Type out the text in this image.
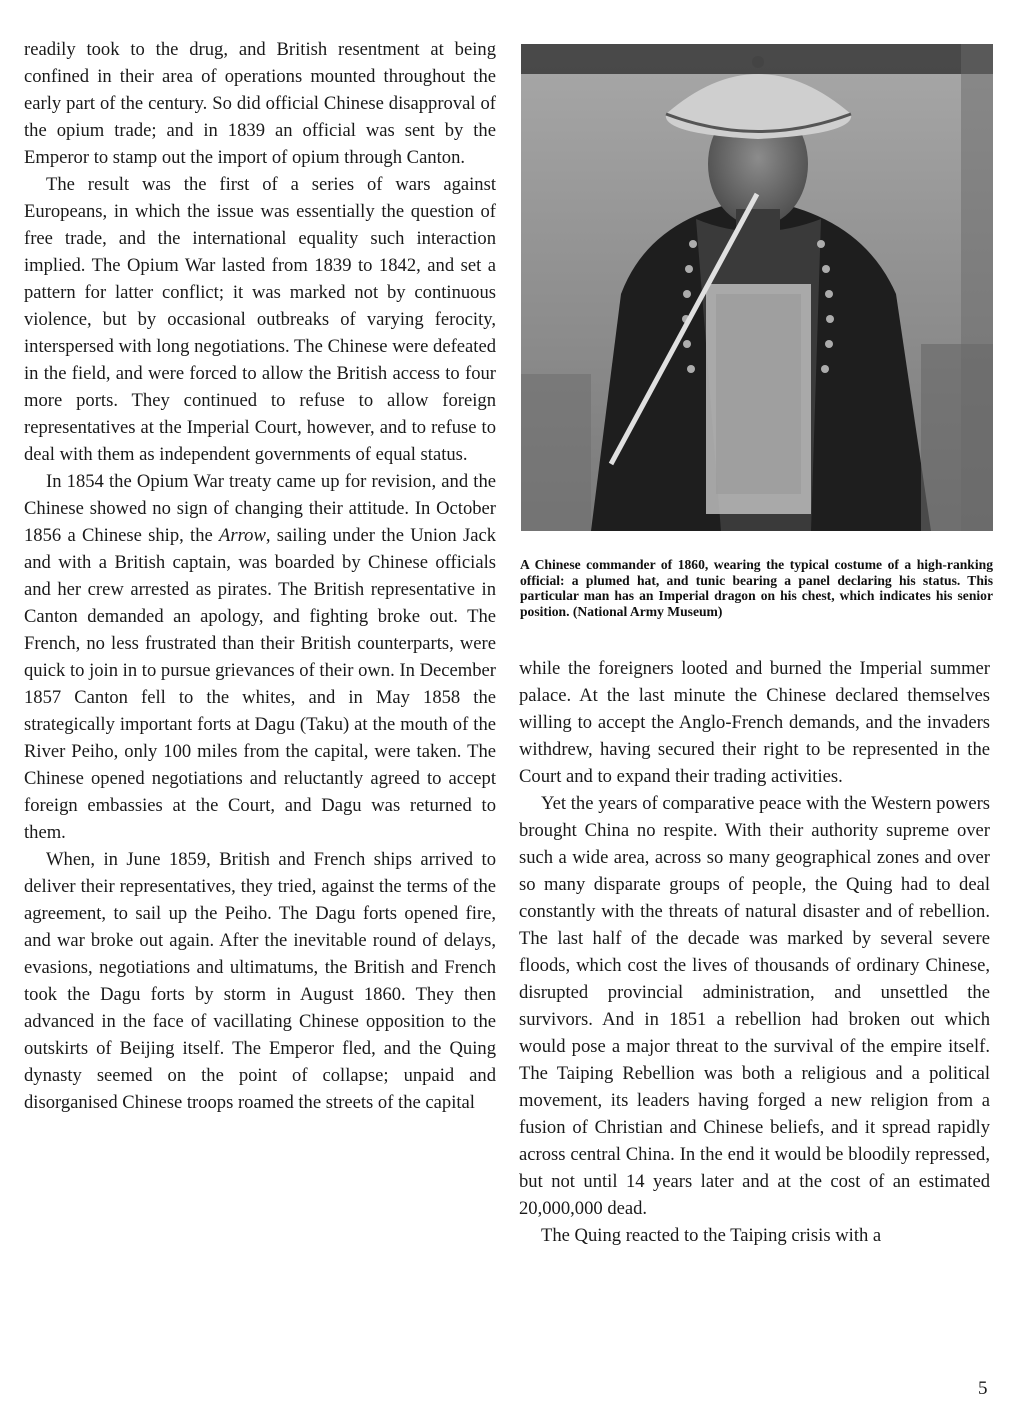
readily took to the drug, and British resentment at being confined in their area of operations mounted throughout the early part of the century. So did official Chinese disapproval of the opium trade; and in 1839 an official was sent by the Emperor to stamp out the import of opium through Canton.

The result was the first of a series of wars against Europeans, in which the issue was essentially the question of free trade, and the international equality such interaction implied. The Opium War lasted from 1839 to 1842, and set a pattern for latter conflict; it was marked not by continuous violence, but by occasional outbreaks of varying ferocity, interspersed with long negotiations. The Chinese were defeated in the field, and were forced to allow the British access to four more ports. They continued to refuse to allow foreign representatives at the Imperial Court, however, and to refuse to deal with them as independent governments of equal status.

In 1854 the Opium War treaty came up for revision, and the Chinese showed no sign of changing their attitude. In October 1856 a Chinese ship, the Arrow, sailing under the Union Jack and with a British captain, was boarded by Chinese officials and her crew arrested as pirates. The British representative in Canton demanded an apology, and fighting broke out. The French, no less frustrated than their British counterparts, were quick to join in to pursue grievances of their own. In December 1857 Canton fell to the whites, and in May 1858 the strategically important forts at Dagu (Taku) at the mouth of the River Peiho, only 100 miles from the capital, were taken. The Chinese opened negotiations and reluctantly agreed to accept foreign embassies at the Court, and Dagu was returned to them.

When, in June 1859, British and French ships arrived to deliver their representatives, they tried, against the terms of the agreement, to sail up the Peiho. The Dagu forts opened fire, and war broke out again. After the inevitable round of delays, evasions, negotiations and ultimatums, the British and French took the Dagu forts by storm in August 1860. They then advanced in the face of vacillating Chinese opposition to the outskirts of Beijing itself. The Emperor fled, and the Quing dynasty seemed on the point of collapse; unpaid and disorganised Chinese troops roamed the streets of the capital

A Chinese commander of 1860, wearing the typical costume of a high-ranking official: a plumed hat, and tunic bearing a panel declaring his status. This particular man has an Imperial dragon on his chest, which indicates his senior position. (National Army Museum)

while the foreigners looted and burned the Imperial summer palace. At the last minute the Chinese declared themselves willing to accept the Anglo-French demands, and the invaders withdrew, having secured their right to be represented in the Court and to expand their trading activities.

Yet the years of comparative peace with the Western powers brought China no respite. With their authority supreme over such a wide area, across so many geographical zones and over so many disparate groups of people, the Quing had to deal constantly with the threats of natural disaster and of rebellion. The last half of the decade was marked by several severe floods, which cost the lives of thousands of ordinary Chinese, disrupted provincial administration, and unsettled the survivors. And in 1851 a rebellion had broken out which would pose a major threat to the survival of the empire itself. The Taiping Rebellion was both a religious and a political movement, its leaders having forged a new religion from a fusion of Christian and Chinese beliefs, and it spread rapidly across central China. In the end it would be bloodily repressed, but not until 14 years later and at the cost of an estimated 20,000,000 dead.

The Quing reacted to the Taiping crisis with a

5
